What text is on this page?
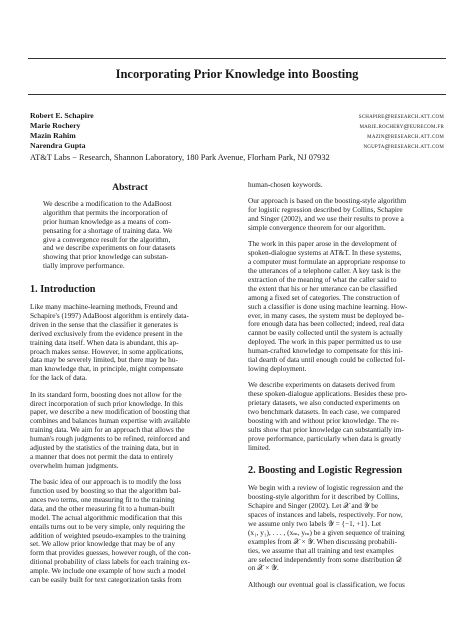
Incorporating Prior Knowledge into Boosting
Robert E. Schapire	schapire@research.att.com
Marie Rochery	marie.rochery@eurecom.fr
Mazin Rahim	mazin@research.att.com
Narendra Gupta	ngupta@research.att.com
AT&T Labs − Research, Shannon Laboratory, 180 Park Avenue, Florham Park, NJ 07932
Abstract
We describe a modification to the AdaBoost
algorithm that permits the incorporation of
prior human knowledge as a means of com-
pensating for a shortage of training data. We
give a convergence result for the algorithm,
and we describe experiments on four datasets
showing that prior knowledge can substan-
tially improve performance.
1. Introduction
Like many machine-learning methods, Freund and
Schapire's (1997) AdaBoost algorithm is entirely data-
driven in the sense that the classifier it generates is
derived exclusively from the evidence present in the
training data itself. When data is abundant, this ap-
proach makes sense. However, in some applications,
data may be severely limited, but there may be hu-
man knowledge that, in principle, might compensate
for the lack of data.
In its standard form, boosting does not allow for the
direct incorporation of such prior knowledge. In this
paper, we describe a new modification of boosting that
combines and balances human expertise with available
training data. We aim for an approach that allows the
human's rough judgments to be refined, reinforced and
adjusted by the statistics of the training data, but in
a manner that does not permit the data to entirely
overwhelm human judgments.
The basic idea of our approach is to modify the loss
function used by boosting so that the algorithm bal-
ances two terms, one measuring fit to the training
data, and the other measuring fit to a human-built
model. The actual algorithmic modification that this
entails turns out to be very simple, only requiring the
addition of weighted pseudo-examples to the training
set. We allow prior knowledge that may be of any
form that provides guesses, however rough, of the con-
ditional probability of class labels for each training ex-
ample. We include one example of how such a model
can be easily built for text categorization tasks from
human-chosen keywords.
Our approach is based on the boosting-style algorithm
for logistic regression described by Collins, Schapire
and Singer (2002), and we use their results to prove a
simple convergence theorem for our algorithm.
The work in this paper arose in the development of
spoken-dialogue systems at AT&T. In these systems,
a computer must formulate an appropriate response to
the utterances of a telephone caller. A key task is the
extraction of the meaning of what the caller said to
the extent that his or her utterance can be classified
among a fixed set of categories. The construction of
such a classifier is done using machine learning. How-
ever, in many cases, the system must be deployed be-
fore enough data has been collected; indeed, real data
cannot be easily collected until the system is actually
deployed. The work in this paper permitted us to use
human-crafted knowledge to compensate for this ini-
tial dearth of data until enough could be collected fol-
lowing deployment.
We describe experiments on datasets derived from
these spoken-dialogue applications. Besides these pro-
prietary datasets, we also conducted experiments on
two benchmark datasets. In each case, we compared
boosting with and without prior knowledge. The re-
sults show that prior knowledge can substantially im-
prove performance, particularly when data is greatly
limited.
2. Boosting and Logistic Regression
We begin with a review of logistic regression and the
boosting-style algorithm for it described by Collins,
Schapire and Singer (2002). Let 𝒳 and 𝒴 be
spaces of instances and labels, respectively. For now,
we assume only two labels 𝒴 = {−1, +1}. Let
(x₁, y₁), . . . , (xₘ, yₘ) be a given sequence of training
examples from 𝒳 × 𝒴. When discussing probabili-
ties, we assume that all training and test examples
are selected independently from some distribution 𝒟
on 𝒳 × 𝒴.
Although our eventual goal is classification, we focus
